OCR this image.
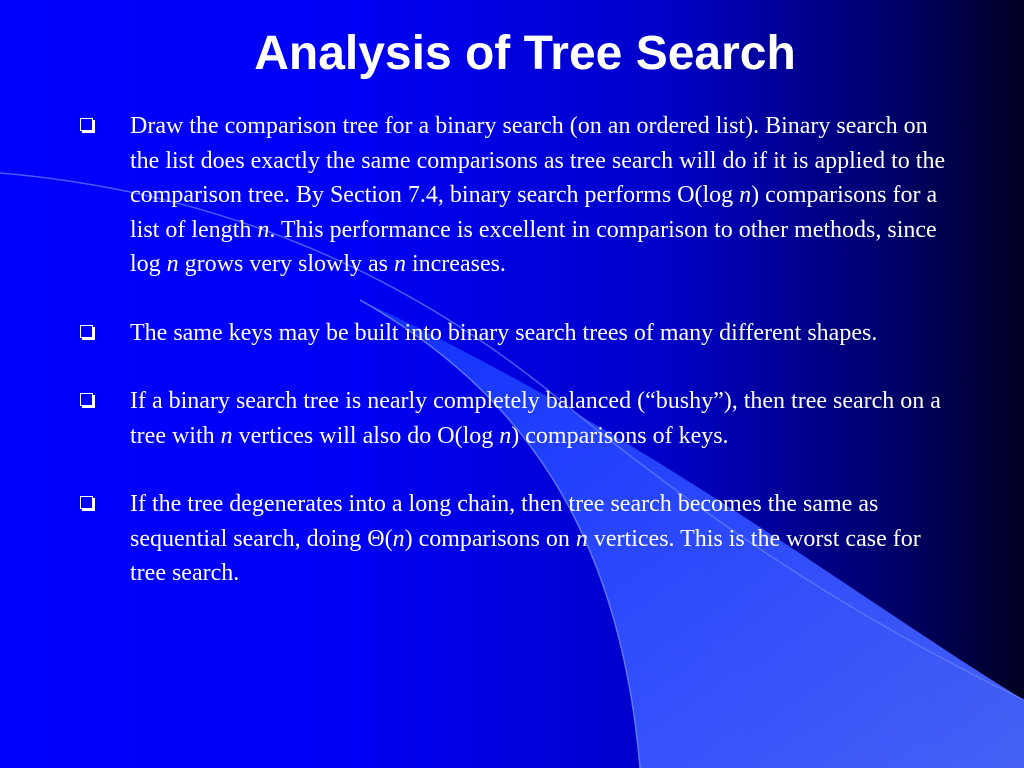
Analysis of Tree Search
Draw the comparison tree for a binary search (on an ordered list). Binary search on the list does exactly the same comparisons as tree search will do if it is applied to the comparison tree. By Section 7.4, binary search performs O(log n) comparisons for a list of length n. This performance is excellent in comparison to other methods, since log n grows very slowly as n increases.
The same keys may be built into binary search trees of many different shapes.
If a binary search tree is nearly completely balanced (“bushy”), then tree search on a tree with n vertices will also do O(log n) comparisons of keys.
If the tree degenerates into a long chain, then tree search becomes the same as sequential search, doing Θ(n) comparisons on n vertices. This is the worst case for tree search.
